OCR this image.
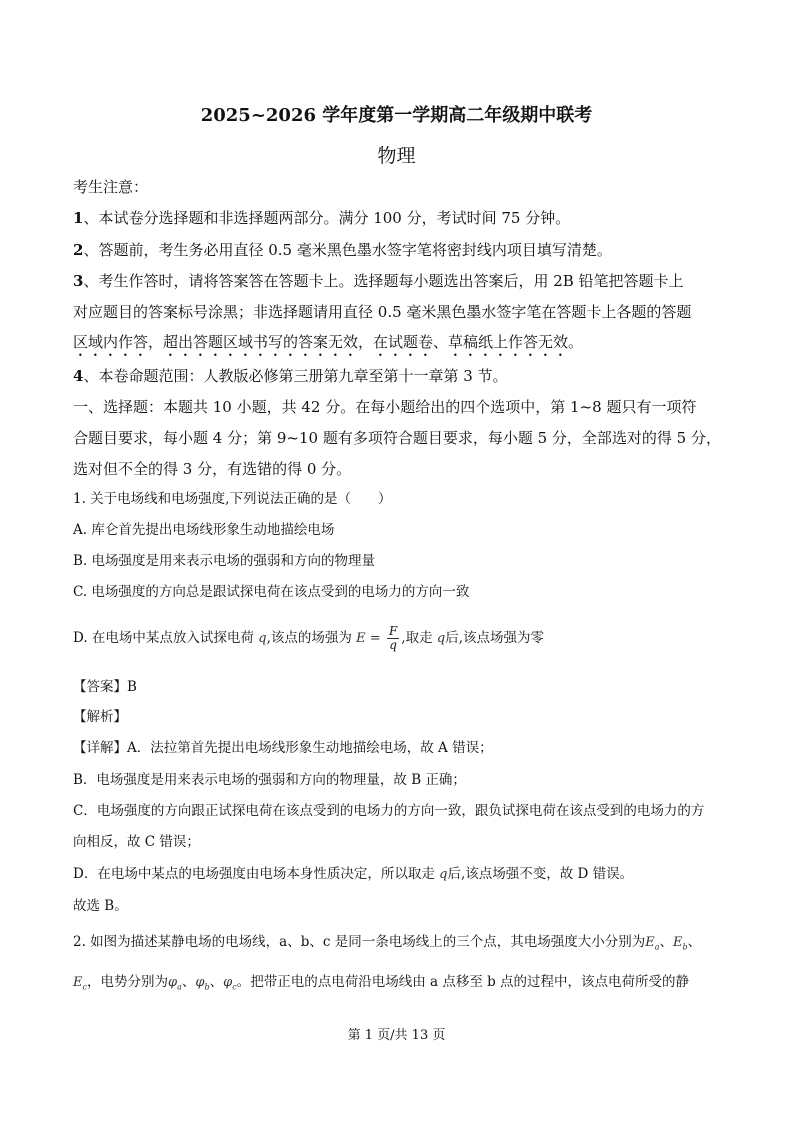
2025~2026 学年度第一学期高二年级期中联考
物理
考生注意：
1、本试卷分选择题和非选择题两部分。满分 100 分，考试时间 75 分钟。
2、答题前，考生务必用直径 0.5 毫米黑色墨水签字笔将密封线内项目填写清楚。
3、考生作答时，请将答案答在答题卡上。选择题每小题选出答案后，用 2B 铅笔把答题卡上
对应题目的答案标号涂黑；非选择题请用直径 0.5 毫米黑色墨水签字笔在答题卡上各题的答题
区域内作答，超出答题区域书写的答案无效，在试题卷、草稿纸上作答无效。
4、本卷命题范围：人教版必修第三册第九章至第十一章第 3 节。
一、选择题：本题共 10 小题，共 42 分。在每小题给出的四个选项中，第 1~8 题只有一项符
合题目要求，每小题 4 分；第 9~10 题有多项符合题目要求，每小题 5 分，全部选对的得 5 分，
选对但不全的得 3 分，有选错的得 0 分。
1. 关于电场线和电场强度,下列说法正确的是（　　）
A. 库仑首先提出电场线形象生动地描绘电场
B. 电场强度是用来表示电场的强弱和方向的物理量
C. 电场强度的方向总是跟试探电荷在该点受到的电场力的方向一致
D. 在电场中某点放入试探电荷 q,该点的场强为 $E = \frac{F}{q}$ ,取走 q后,该点场强为零
【答案】B
【解析】
【详解】A．法拉第首先提出电场线形象生动地描绘电场，故 A 错误；
B．电场强度是用来表示电场的强弱和方向的物理量，故 B 正确；
C．电场强度的方向跟正试探电荷在该点受到的电场力的方向一致，跟负试探电荷在该点受到的电场力的方
向相反，故 C 错误；
D．在电场中某点的电场强度由电场本身性质决定，所以取走 q后,该点场强不变，故 D 错误。
故选 B。
2. 如图为描述某静电场的电场线，a、b、c 是同一条电场线上的三个点，其电场强度大小分别为$E_a$、$E_b$、
$E_c$，电势分别为$\varphi_a$、$\varphi_b$、$\varphi_c$。把带正电的点电荷沿电场线由 a 点移至 b 点的过程中，该点电荷所受的静
第 1 页/共 13 页
